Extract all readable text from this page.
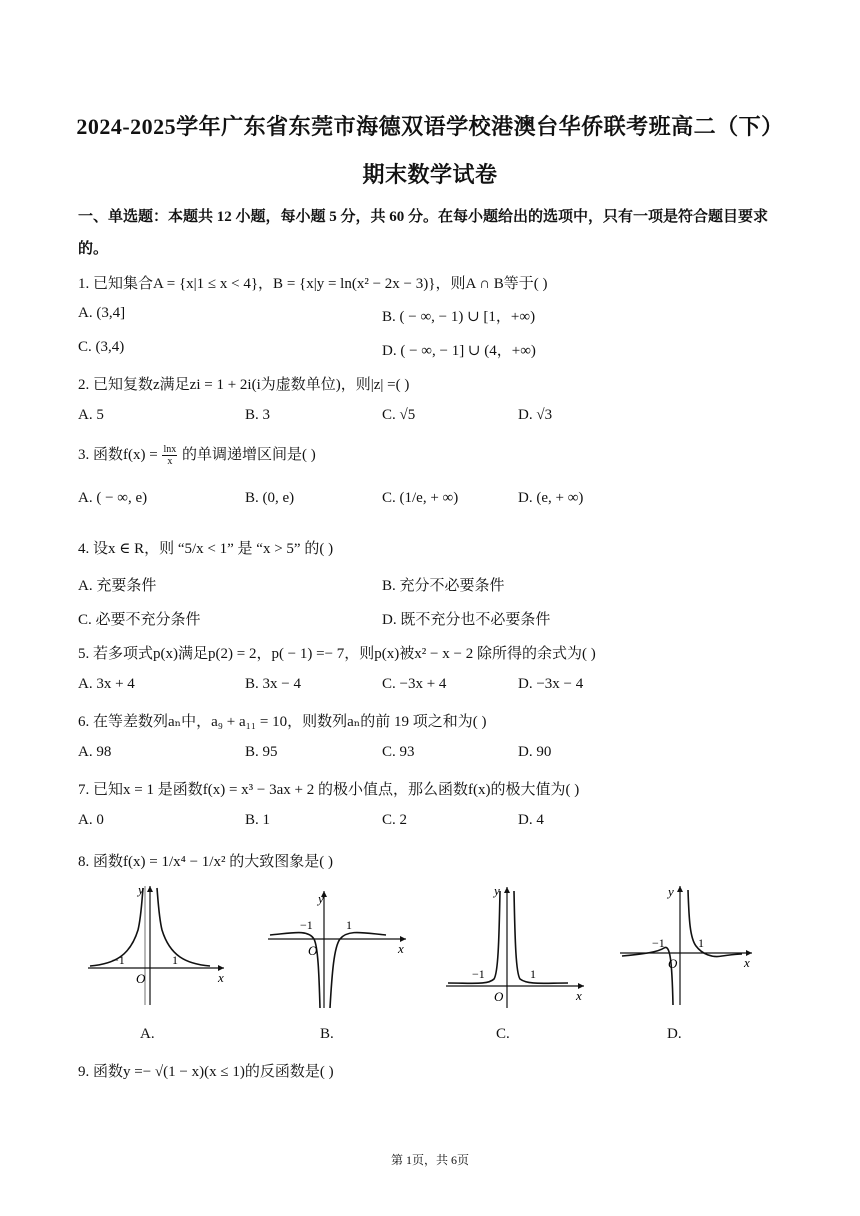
2024-2025学年广东省东莞市海德双语学校港澳台华侨联考班高二（下）
期末数学试卷
一、单选题：本题共 12 小题，每小题 5 分，共 60 分。在每小题给出的选项中，只有一项是符合题目要求
的。
1. 已知集合A = {x|1 ≤ x < 4}，B = {x|y = ln(x² − 2x − 3)}，则A ∩ B等于( )
A. (3,4]	B. ( − ∞, − 1) ∪ [1，+∞)
C. (3,4)	D. ( − ∞, − 1] ∪ (4，+∞)
2. 已知复数z满足zi = 1 + 2i(i为虚数单位)，则|z| =( )
A. 5	B. 3	C. √5	D. √3
3. 函数$f(x) = \frac{\ln x}{x}$ 的单调递增区间是( )
A. ( − ∞, e)	B. (0, e)	C. (1/e, + ∞)	D. (e, + ∞)
4. 设x ∈ R，则 “5/x < 1” 是 “x > 5” 的( )
A. 充要条件	B. 充分不必要条件
C. 必要不充分条件	D. 既不充分也不必要条件
5. 若多项式p(x)满足p(2) = 2，p( − 1) =− 7，则p(x)被x² − x − 2 除所得的余式为( )
A. 3x + 4	B. 3x − 4	C. −3x + 4	D. −3x − 4
6. 在等差数列aₙ中，a₉ + a₁₁ = 10，则数列aₙ的前 19 项之和为( )
A. 98	B. 95	C. 93	D. 90
7. 已知x = 1 是函数f(x) = x³ − 3ax + 2 的极小值点，那么函数f(x)的极大值为( )
A. 0	B. 1	C. 2	D. 4
8. 函数f(x) = 1/x⁴ − 1/x² 的大致图象是( )
y
x
O
−1	1
y
x
O
−1	1
y
x
O
−1	1
y
x
O
−1	1
A.	B.	C.	D.
9. 函数y =− √(1 − x)(x ≤ 1)的反函数是( )
第 1页，共 6页
